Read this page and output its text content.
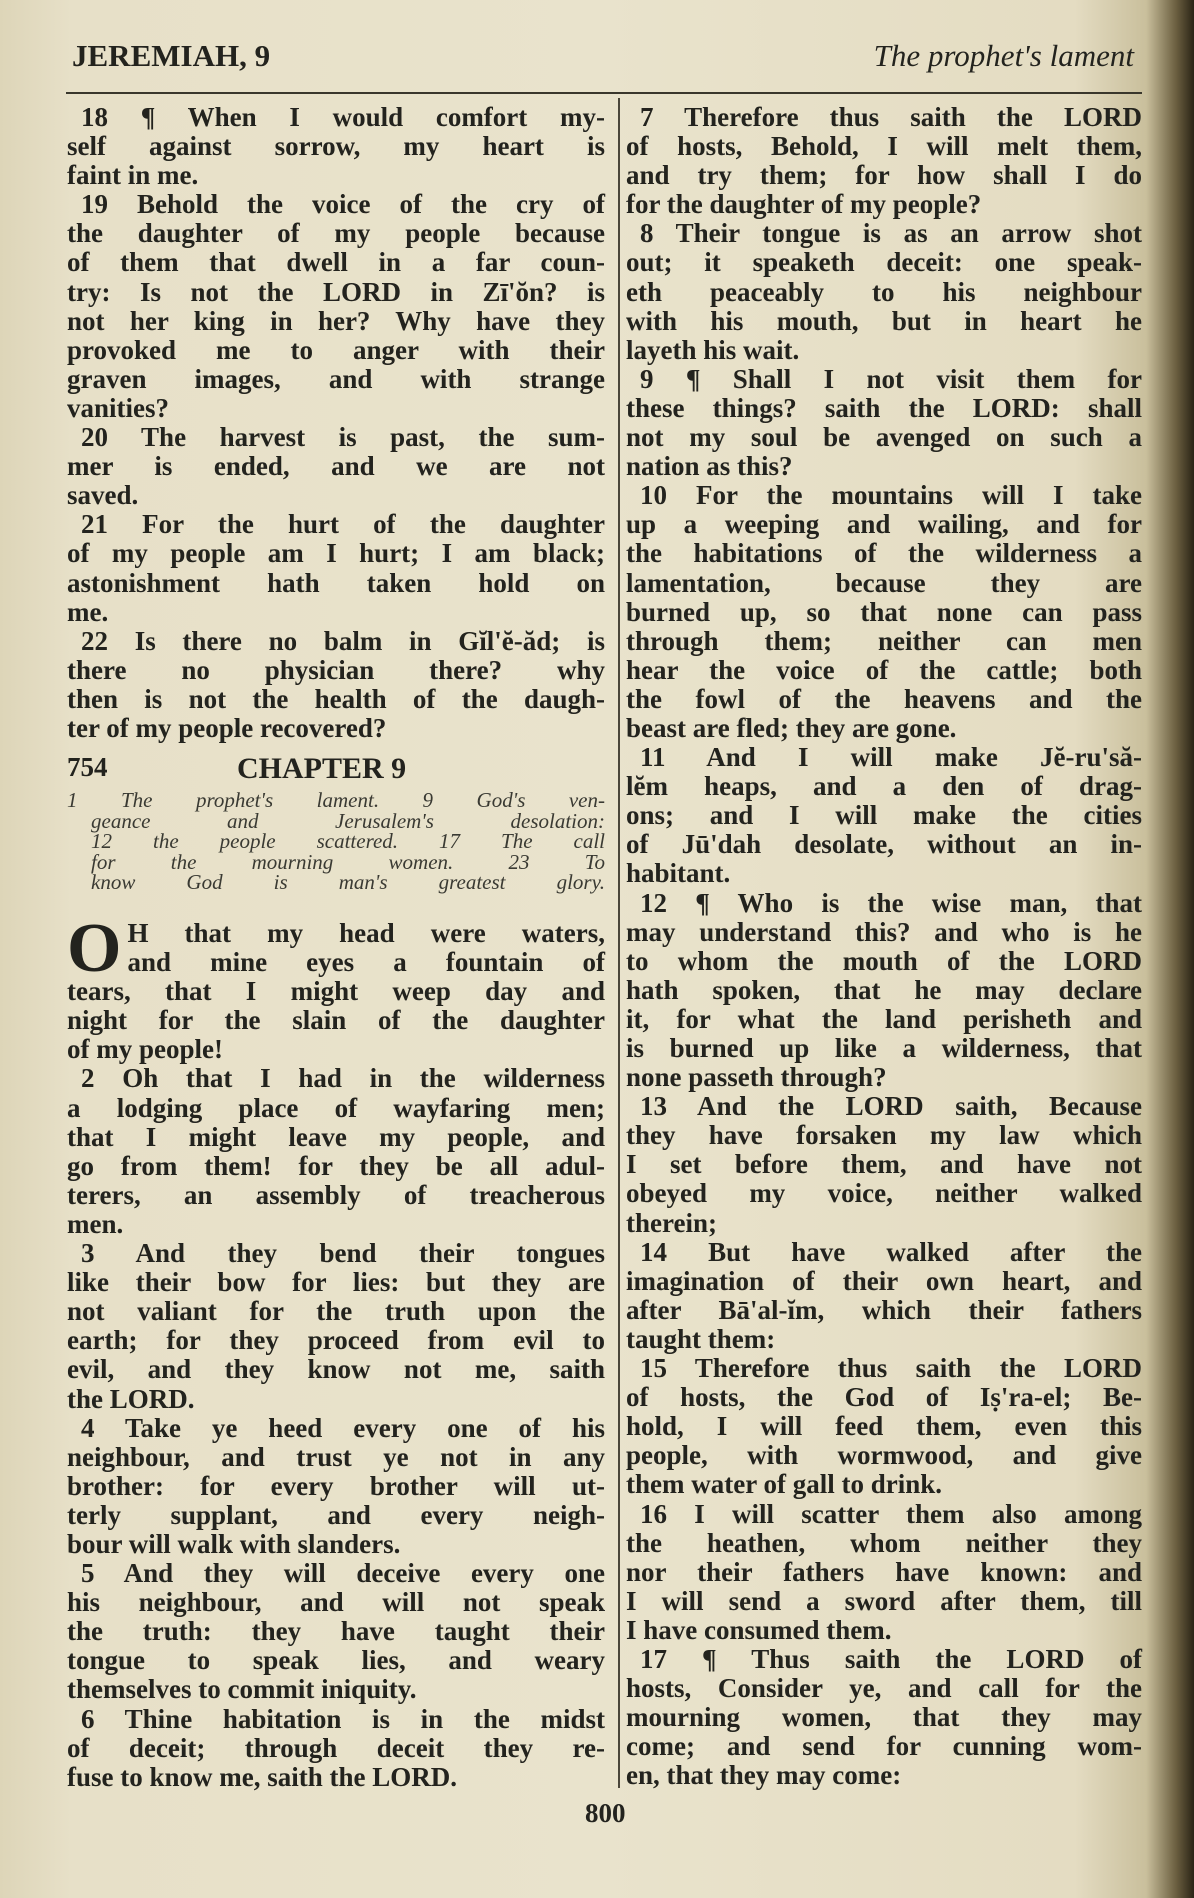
JEREMIAH, 9	The prophet's lament
18 ¶ When I would comfort my-
self against sorrow, my heart is
faint in me.
19 Behold the voice of the cry of
the daughter of my people because
of them that dwell in a far coun-
try: Is not the LORD in Zī'ŏn? is
not her king in her? Why have they
provoked me to anger with their
graven images, and with strange
vanities?
20 The harvest is past, the sum-
mer is ended, and we are not
saved.
21 For the hurt of the daughter
of my people am I hurt; I am black;
astonishment hath taken hold on
me.
22 Is there no balm in Gĭl'ĕ-ăd; is
there no physician there? why
then is not the health of the daugh-
ter of my people recovered?
754	CHAPTER 9
1 The prophet's lament. 9 God's ven-
geance and Jerusalem's desolation:
12 the people scattered. 17 The call
for the mourning women. 23 To
know God is man's greatest glory.
O H that my head were waters,
and mine eyes a fountain of
tears, that I might weep day and
night for the slain of the daughter
of my people!
2 Oh that I had in the wilderness
a lodging place of wayfaring men;
that I might leave my people, and
go from them! for they be all adul-
terers, an assembly of treacherous
men.
3 And they bend their tongues
like their bow for lies: but they are
not valiant for the truth upon the
earth; for they proceed from evil to
evil, and they know not me, saith
the LORD.
4 Take ye heed every one of his
neighbour, and trust ye not in any
brother: for every brother will ut-
terly supplant, and every neigh-
bour will walk with slanders.
5 And they will deceive every one
his neighbour, and will not speak
the truth: they have taught their
tongue to speak lies, and weary
themselves to commit iniquity.
6 Thine habitation is in the midst
of deceit; through deceit they re-
fuse to know me, saith the LORD.
7 Therefore thus saith the LORD
of hosts, Behold, I will melt them,
and try them; for how shall I do
for the daughter of my people?
8 Their tongue is as an arrow shot
out; it speaketh deceit: one speak-
eth peaceably to his neighbour
with his mouth, but in heart he
layeth his wait.
9 ¶ Shall I not visit them for
these things? saith the LORD: shall
not my soul be avenged on such a
nation as this?
10 For the mountains will I take
up a weeping and wailing, and for
the habitations of the wilderness a
lamentation, because they are
burned up, so that none can pass
through them; neither can men
hear the voice of the cattle; both
the fowl of the heavens and the
beast are fled; they are gone.
11 And I will make Jĕ-ru'să-
lĕm heaps, and a den of drag-
ons; and I will make the cities
of Jū'dah desolate, without an in-
habitant.
12 ¶ Who is the wise man, that
may understand this? and who is he
to whom the mouth of the LORD
hath spoken, that he may declare
it, for what the land perisheth and
is burned up like a wilderness, that
none passeth through?
13 And the LORD saith, Because
they have forsaken my law which
I set before them, and have not
obeyed my voice, neither walked
therein;
14 But have walked after the
imagination of their own heart, and
after Bā'al-ĭm, which their fathers
taught them:
15 Therefore thus saith the LORD
of hosts, the God of Iṣ'ra-el; Be-
hold, I will feed them, even this
people, with wormwood, and give
them water of gall to drink.
16 I will scatter them also among
the heathen, whom neither they
nor their fathers have known: and
I will send a sword after them, till
I have consumed them.
17 ¶ Thus saith the LORD of
hosts, Consider ye, and call for the
mourning women, that they may
come; and send for cunning wom-
en, that they may come:
800
